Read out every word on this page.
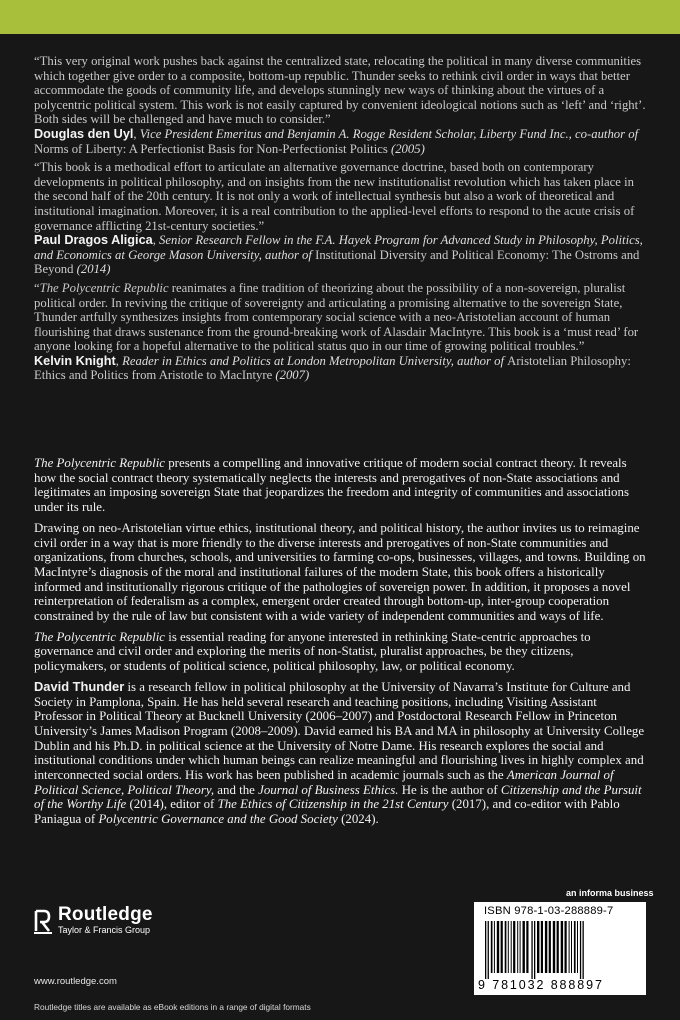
“This very original work pushes back against the centralized state, relocating the political in many diverse communities which together give order to a composite, bottom-up republic. Thunder seeks to rethink civil order in ways that better accommodate the goods of community life, and develops stunningly new ways of thinking about the virtues of a polycentric political system. This work is not easily captured by convenient ideological notions such as ‘left’ and ‘right’. Both sides will be challenged and have much to consider.”

Douglas den Uyl, Vice President Emeritus and Benjamin A. Rogge Resident Scholar, Liberty Fund Inc., co-author of Norms of Liberty: A Perfectionist Basis for Non-Perfectionist Politics (2005)

“This book is a methodical effort to articulate an alternative governance doctrine, based both on contemporary developments in political philosophy, and on insights from the new institutionalist revolution which has taken place in the second half of the 20th century. It is not only a work of intellectual synthesis but also a work of theoretical and institutional imagination. Moreover, it is a real contribution to the applied-level efforts to respond to the acute crisis of governance afflicting 21st-century societies.”

Paul Dragos Aligica, Senior Research Fellow in the F.A. Hayek Program for Advanced Study in Philosophy, Politics, and Economics at George Mason University, author of Institutional Diversity and Political Economy: The Ostroms and Beyond (2014)

“The Polycentric Republic reanimates a fine tradition of theorizing about the possibility of a non-sovereign, pluralist political order. In reviving the critique of sovereignty and articulating a promising alternative to the sovereign State, Thunder artfully synthesizes insights from contemporary social science with a neo-Aristotelian account of human flourishing that draws sustenance from the ground-breaking work of Alasdair MacIntyre. This book is a ‘must read’ for anyone looking for a hopeful alternative to the political status quo in our time of growing political troubles.”

Kelvin Knight, Reader in Ethics and Politics at London Metropolitan University, author of Aristotelian Philosophy: Ethics and Politics from Aristotle to MacIntyre (2007)

The Polycentric Republic presents a compelling and innovative critique of modern social contract theory. It reveals how the social contract theory systematically neglects the interests and prerogatives of non-State associations and legitimates an imposing sovereign State that jeopardizes the freedom and integrity of communities and associations under its rule.

Drawing on neo-Aristotelian virtue ethics, institutional theory, and political history, the author invites us to reimagine civil order in a way that is more friendly to the diverse interests and prerogatives of non-State communities and organizations, from churches, schools, and universities to farming co-ops, businesses, villages, and towns. Building on MacIntyre’s diagnosis of the moral and institutional failures of the modern State, this book offers a historically informed and institutionally rigorous critique of the pathologies of sovereign power. In addition, it proposes a novel reinterpretation of federalism as a complex, emergent order created through bottom-up, inter-group cooperation constrained by the rule of law but consistent with a wide variety of independent communities and ways of life.

The Polycentric Republic is essential reading for anyone interested in rethinking State-centric approaches to governance and civil order and exploring the merits of non-Statist, pluralist approaches, be they citizens, policymakers, or students of political science, political philosophy, law, or political economy.

David Thunder is a research fellow in political philosophy at the University of Navarra’s Institute for Culture and Society in Pamplona, Spain. He has held several research and teaching positions, including Visiting Assistant Professor in Political Theory at Bucknell University (2006–2007) and Postdoctoral Research Fellow in Princeton University’s James Madison Program (2008–2009). David earned his BA and MA in philosophy at University College Dublin and his Ph.D. in political science at the University of Notre Dame. His research explores the social and institutional conditions under which human beings can realize meaningful and flourishing lives in highly complex and interconnected social orders. His work has been published in academic journals such as the American Journal of Political Science, Political Theory, and the Journal of Business Ethics. He is the author of Citizenship and the Pursuit of the Worthy Life (2014), editor of The Ethics of Citizenship in the 21st Century (2017), and co-editor with Pablo Paniagua of Polycentric Governance and the Good Society (2024).

Routledge
Taylor & Francis Group
www.routledge.com
Routledge titles are available as eBook editions in a range of digital formats
an informa business
ISBN 978-1-03-288889-7
9 781032 888897
